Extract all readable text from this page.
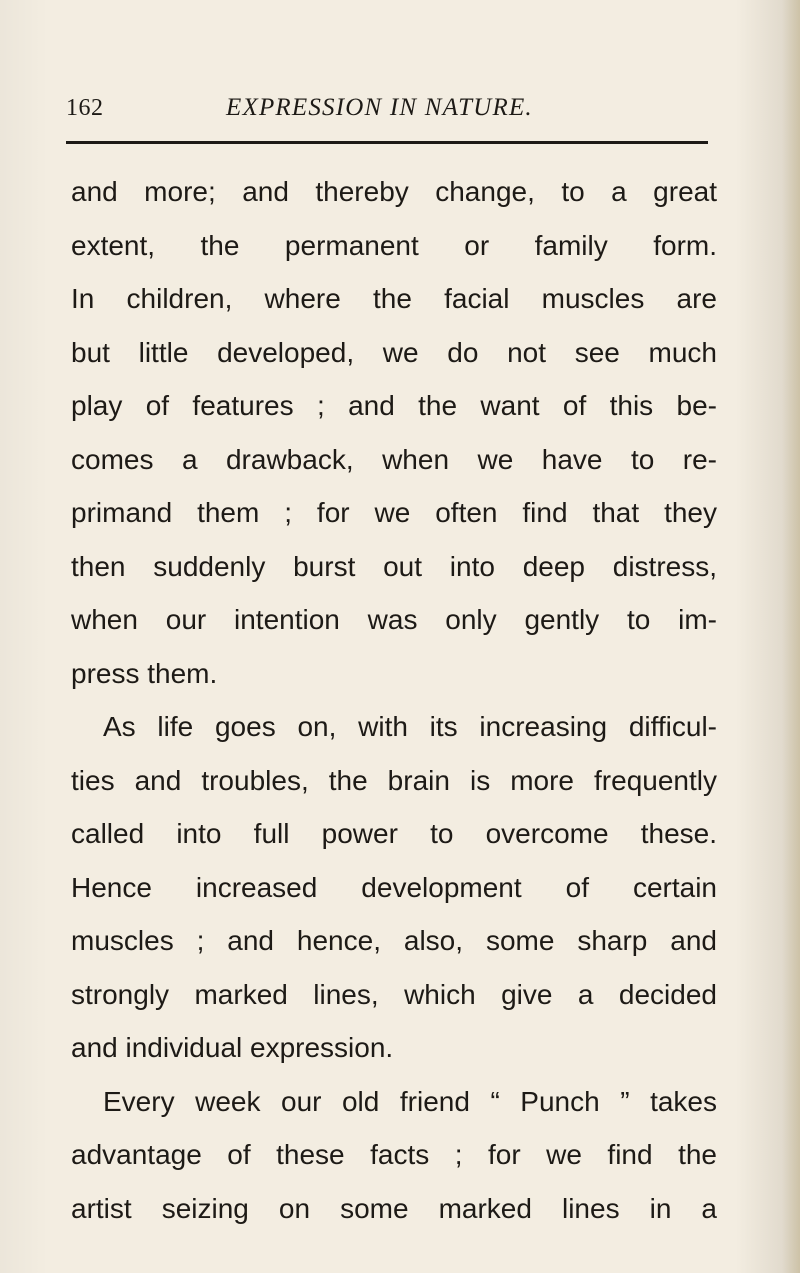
162	EXPRESSION IN NATURE.
and more; and thereby change, to a great
extent, the permanent or family form.
In children, where the facial muscles are
but little developed, we do not see much
play of features ; and the want of this be-
comes a drawback, when we have to re-
primand them ; for we often find that they
then suddenly burst out into deep distress,
when our intention was only gently to im-
press them.
As life goes on, with its increasing difficul-
ties and troubles, the brain is more frequently
called into full power to overcome these.
Hence increased development of certain
muscles ; and hence, also, some sharp and
strongly marked lines, which give a decided
and individual expression.
Every week our old friend “ Punch ” takes
advantage of these facts ; for we find the
artist seizing on some marked lines in a
